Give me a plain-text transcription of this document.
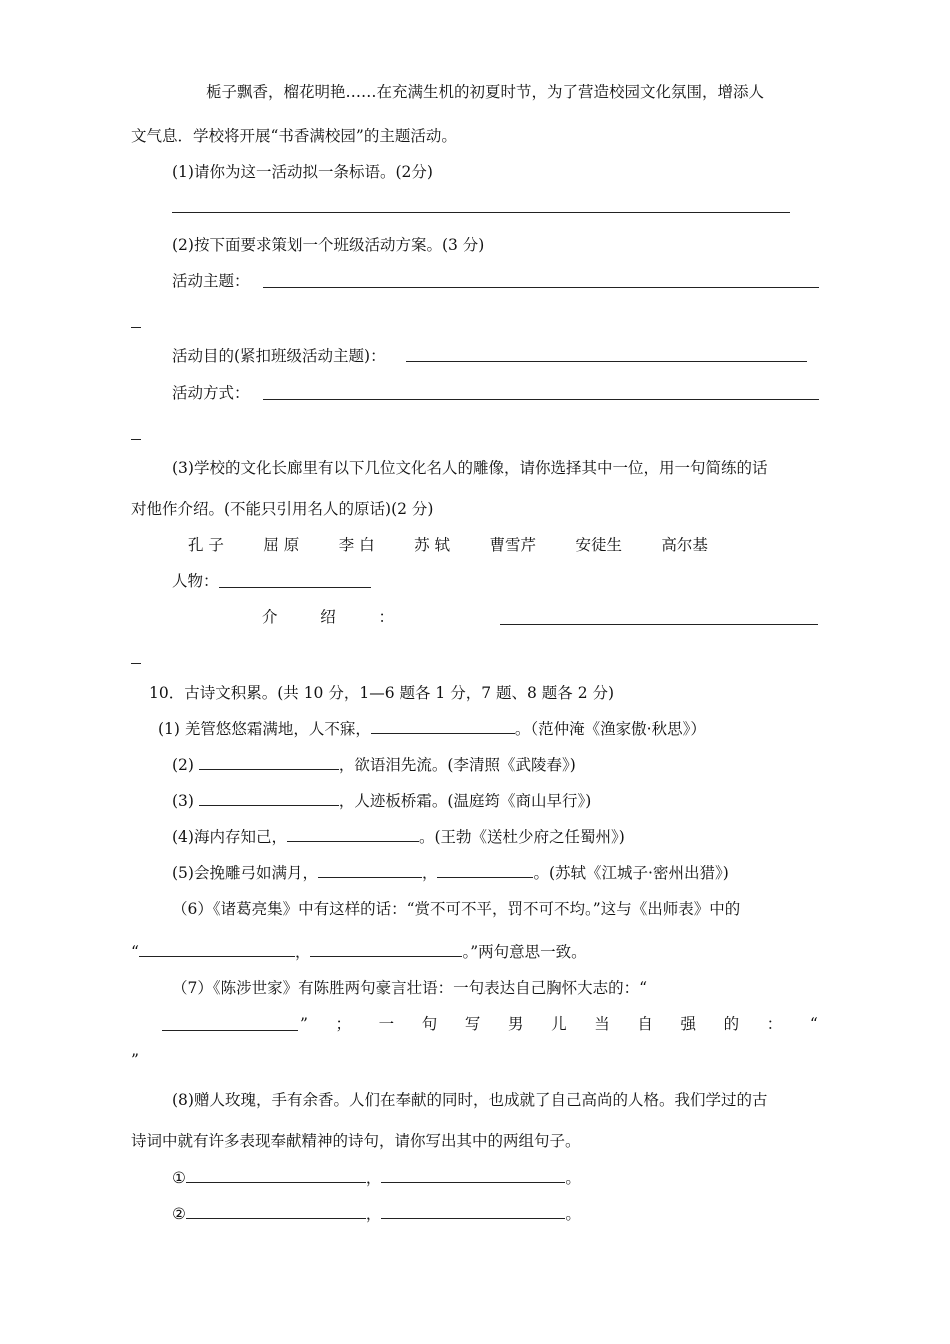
栀子飘香，榴花明艳……在充满生机的初夏时节，为了营造校园文化氛围，增添人
文气息．学校将开展“书香满校园”的主题活动。
(1)请你为这一活动拟一条标语。(2分)
(2)按下面要求策划一个班级活动方案。(3 分)
活动主题：
活动目的(紧扣班级活动主题)：
活动方式：
(3)学校的文化长廊里有以下几位文化名人的雕像，请你选择其中一位，用一句简练的话
对他作介绍。(不能只引用名人的原话)(2 分)
孔 子	屈 原	李 白	苏 轼	曹雪芹	安徒生	高尔基
人物：
介	绍	：
10．古诗文积累。(共 10 分，1—6 题各 1 分，7 题、8 题各 2 分)
(1) 羌管悠悠霜满地，人不寐，	。（范仲淹《渔家傲·秋思》）
(2)	，欲语泪先流。(李清照《武陵春》)
(3)	，人迹板桥霜。(温庭筠《商山早行》)
(4)海内存知己，	。(王勃《送杜少府之任蜀州》)
(5)会挽雕弓如满月，	，	。(苏轼《江城子·密州出猎》)
（6）《诸葛亮集》中有这样的话：“赏不可不平，罚不可不均。”这与《出师表》中的
“	，	。”两句意思一致。
（7）《陈涉世家》有陈胜两句豪言壮语：一句表达自己胸怀大志的：“
” ； 一 句 写 男 儿 当 自 强 的 ： “
”
(8)赠人玫瑰，手有余香。人们在奉献的同时，也成就了自己高尚的人格。我们学过的古
诗词中就有许多表现奉献精神的诗句，请你写出其中的两组句子。
①	，	。
②	，	。
